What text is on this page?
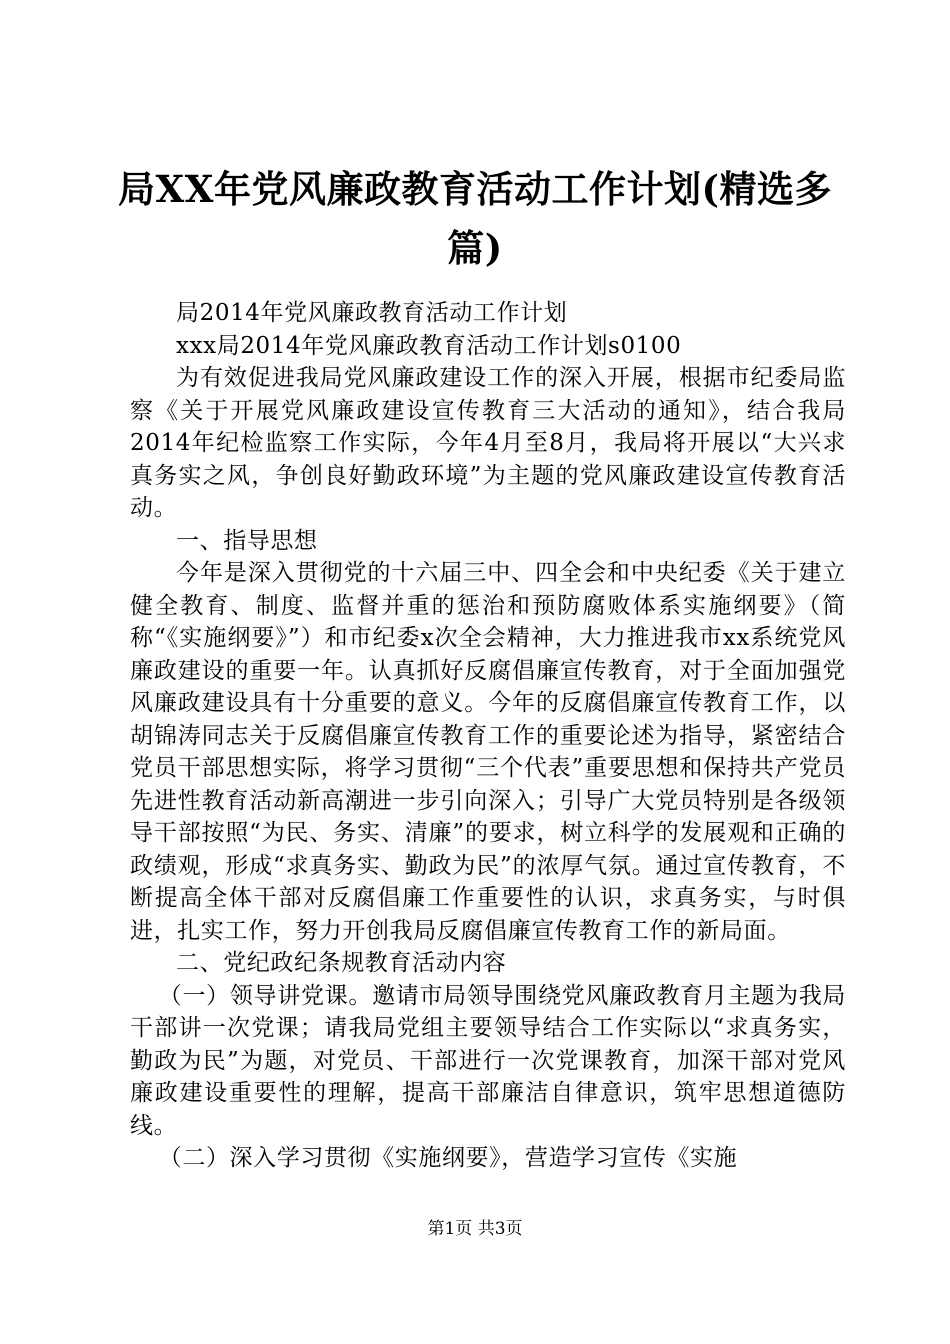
局XX年党风廉政教育活动工作计划(精选多篇)

局2014年党风廉政教育活动工作计划

xxx局2014年党风廉政教育活动工作计划s0100

为有效促进我局党风廉政建设工作的深入开展，根据市纪委局监察《关于开展党风廉政建设宣传教育三大活动的通知》，结合我局2014年纪检监察工作实际，今年4月至8月，我局将开展以“大兴求真务实之风，争创良好勤政环境”为主题的党风廉政建设宣传教育活动。

一、指导思想

今年是深入贯彻党的十六届三中、四全会和中央纪委《关于建立健全教育、制度、监督并重的惩治和预防腐败体系实施纲要》（简称“《实施纲要》”）和市纪委x次全会精神，大力推进我市xx系统党风廉政建设的重要一年。认真抓好反腐倡廉宣传教育，对于全面加强党风廉政建设具有十分重要的意义。今年的反腐倡廉宣传教育工作，以胡锦涛同志关于反腐倡廉宣传教育工作的重要论述为指导，紧密结合党员干部思想实际，将学习贯彻“三个代表”重要思想和保持共产党员先进性教育活动新高潮进一步引向深入；引导广大党员特别是各级领导干部按照“为民、务实、清廉”的要求，树立科学的发展观和正确的政绩观，形成“求真务实、勤政为民”的浓厚气氛。通过宣传教育，不断提高全体干部对反腐倡廉工作重要性的认识，求真务实，与时俱进，扎实工作，努力开创我局反腐倡廉宣传教育工作的新局面。

二、党纪政纪条规教育活动内容

（一）领导讲党课。邀请市局领导围绕党风廉政教育月主题为我局干部讲一次党课；请我局党组主要领导结合工作实际以“求真务实，勤政为民”为题，对党员、干部进行一次党课教育，加深干部对党风廉政建设重要性的理解，提高干部廉洁自律意识，筑牢思想道德防线。

（二）深入学习贯彻《实施纲要》，营造学习宣传《实施

第1页 共3页
